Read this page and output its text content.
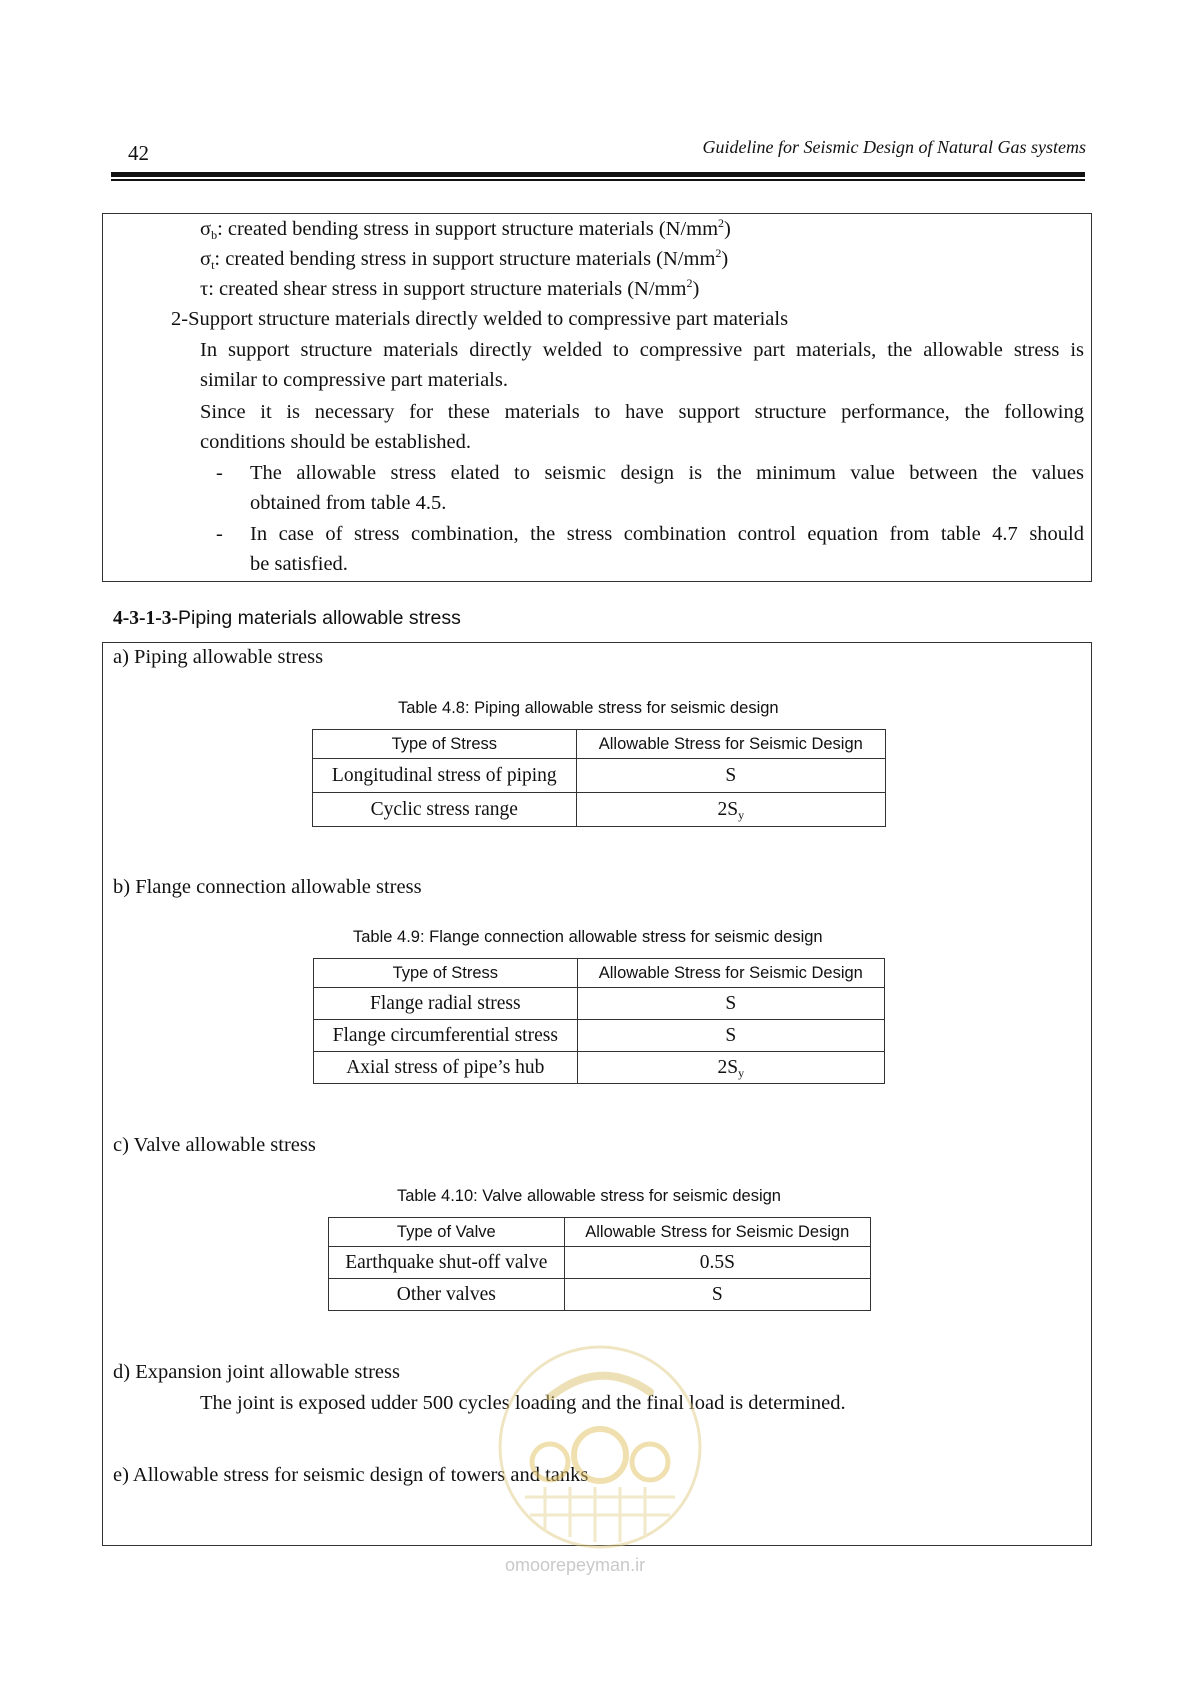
42	Guideline for Seismic Design of Natural Gas systems
$\sigma_b$: created bending stress in support structure materials $(N/mm^2)$
$\sigma_t$: created bending stress in support structure materials $(N/mm^2)$
τ: created shear stress in support structure materials $(N/mm^2)$
2-Support structure materials directly welded to compressive part materials
In support structure materials directly welded to compressive part materials, the allowable stress is
similar to compressive part materials.
Since it is necessary for these materials to have support structure performance, the following
conditions should be established.
- The allowable stress elated to seismic design is the minimum value between the values
obtained from table 4.5.
- In case of stress combination, the stress combination control equation from table 4.7 should
be satisfied.
4-3-1-3-Piping materials allowable stress
a) Piping allowable stress
Table 4.8: Piping allowable stress for seismic design
Type of Stress	Allowable Stress for Seismic Design
Longitudinal stress of piping	S
Cyclic stress range	$2S_y$
b) Flange connection allowable stress
Table 4.9: Flange connection allowable stress for seismic design
Type of Stress	Allowable Stress for Seismic Design
Flange radial stress	S
Flange circumferential stress	S
Axial stress of pipe’s hub	$2S_y$
c) Valve allowable stress
Table 4.10: Valve allowable stress for seismic design
Type of Valve	Allowable Stress for Seismic Design
Earthquake shut-off valve	0.5S
Other valves	S
d) Expansion joint allowable stress
The joint is exposed udder 500 cycles loading and the final load is determined.
e) Allowable stress for seismic design of towers and tanks
omoorepeyman.ir
